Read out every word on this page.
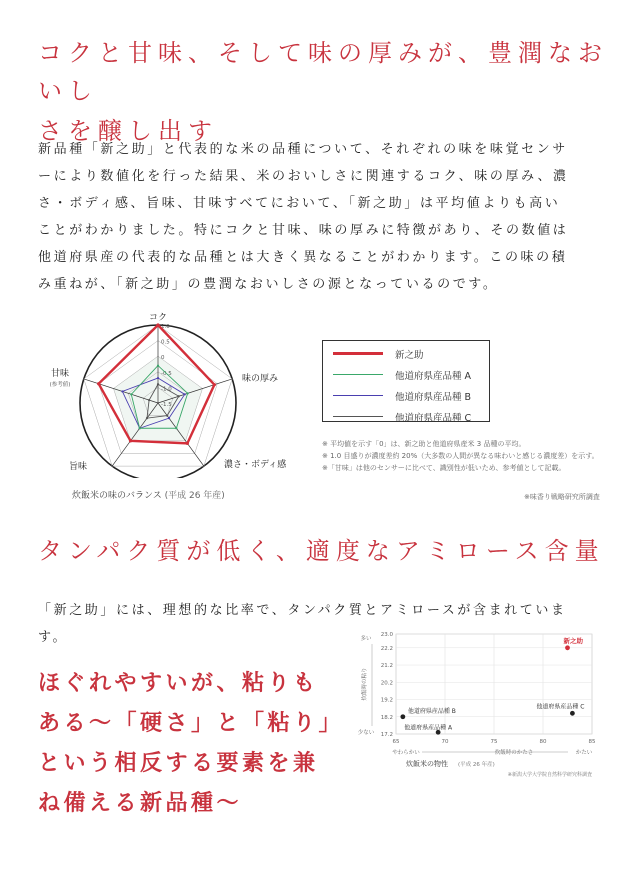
コクと甘味、そして味の厚みが、豊潤なおいし
さを醸し出す
新品種「新之助」と代表的な米の品種について、それぞれの味を味覚センサ
ーにより数値化を行った結果、米のおいしさに関連するコク、味の厚み、濃
さ・ボディ感、旨味、甘味すべてにおいて、「新之助」は平均値よりも高い
ことがわかりました。特にコクと甘味、味の厚みに特徴があり、その数値は
他道府県産の代表的な品種とは大きく異なることがわかります。この味の積
み重ねが、「新之助」の豊潤なおいしさの源となっているのです。
1.0
0.5
0
-0.5
-1.0
-1.5
コク
味の厚み
濃さ・ボディ感
旨味
甘味
(参考値)
炊飯米の味のバランス (平成 26 年産)
新之助
他道府県産品種 A
他道府県産品種 B
他道府県産品種 C
※ 平均値を示す「0」は、新之助と他道府県産米 3 品種の平均。
※ 1.0 目盛りが濃度差約 20%（大多数の人間が異なる味わいと感じる濃度差）を示す。
※「甘味」は他のセンサーに比べて、識別性が低いため、参考値として記載。
※味香り戦略研究所調査
タンパク質が低く、適度なアミロース含量
「新之助」には、理想的な比率で、タンパク質とアミロースが含まれていま
す。
ほぐれやすいが、粘りも
ある～「硬さ」と「粘り」
という相反する要素を兼
ね備える新品種～
65	70	75	80	85
17.2
18.2
19.2
20.2
21.2
22.2
23.0
多い
少ない
炊飯時の粘り
やわらかい	かたい
炊飯時のかたさ
新之助
他道府県産品種 B
他道府県産品種 A
他道府県産品種 C
炊飯米の物性 (平成 26 年産)
※新潟大学大学院自然科学研究科調査
